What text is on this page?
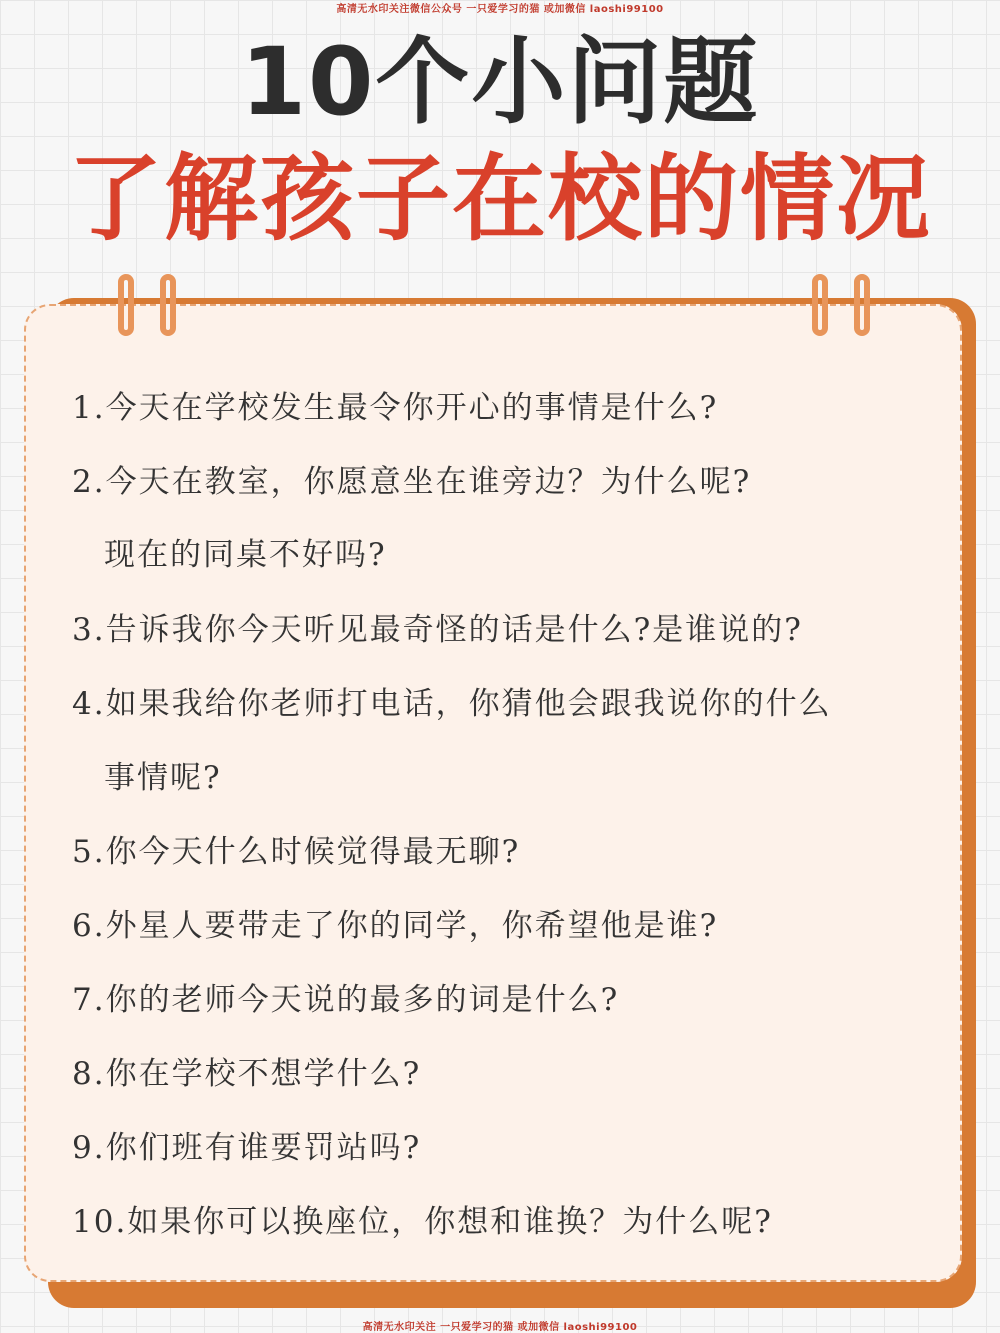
高清无水印关注微信公众号 一只爱学习的猫 或加微信 laoshi99100
10个小问题
了解孩子在校的情况
1.今天在学校发生最令你开心的事情是什么?
2.今天在教室，你愿意坐在谁旁边？为什么呢?
现在的同桌不好吗?
3.告诉我你今天听见最奇怪的话是什么?是谁说的?
4.如果我给你老师打电话，你猜他会跟我说你的什么
事情呢?
5.你今天什么时候觉得最无聊?
6.外星人要带走了你的同学，你希望他是谁?
7.你的老师今天说的最多的词是什么?
8.你在学校不想学什么?
9.你们班有谁要罚站吗?
10.如果你可以换座位，你想和谁换？为什么呢?
高清无水印关注 一只爱学习的猫 或加微信 laoshi99100
